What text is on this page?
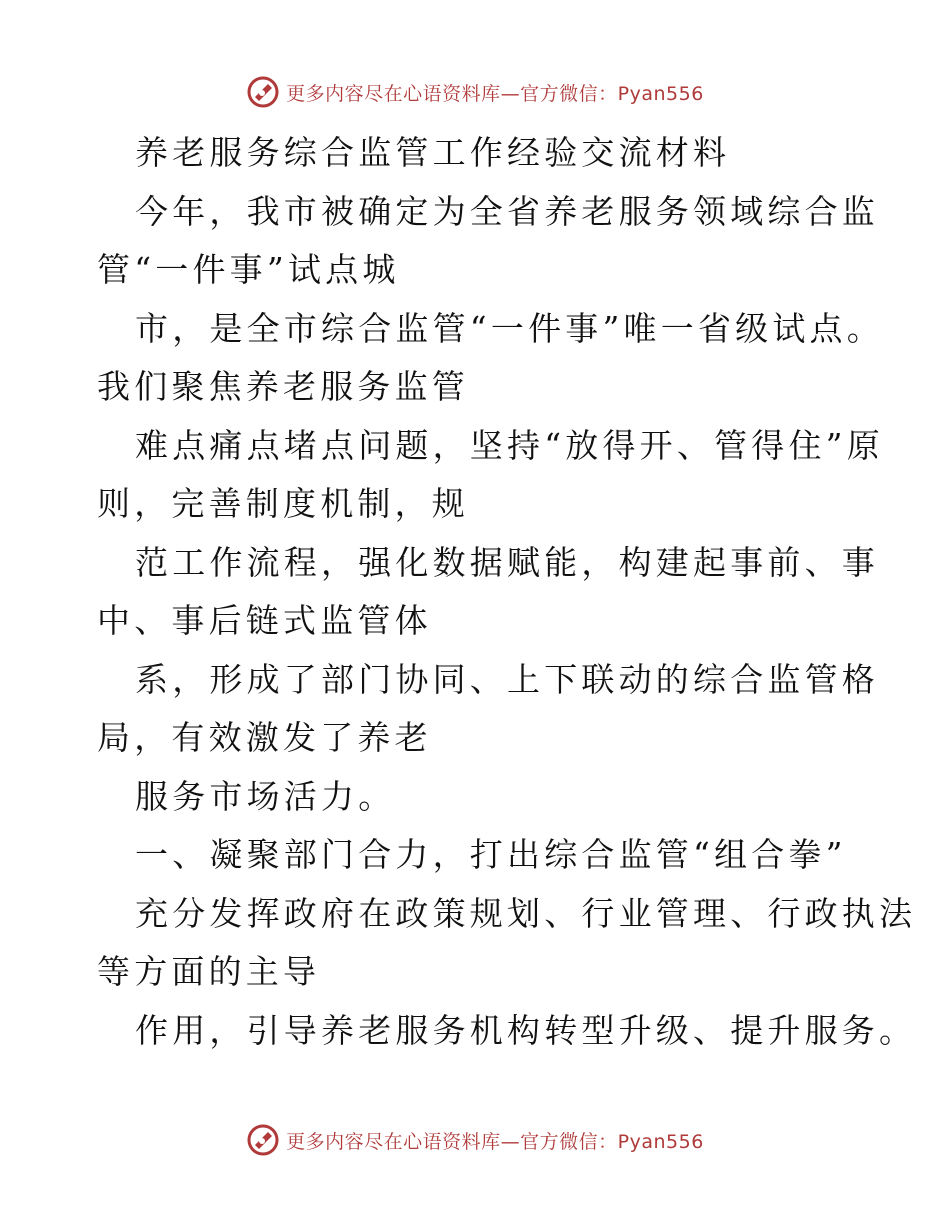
更多内容尽在心语资料库—官方微信：Pyan556
养老服务综合监管工作经验交流材料
今年，我市被确定为全省养老服务领域综合监
管“一件事”试点城
市，是全市综合监管“一件事”唯一省级试点。
我们聚焦养老服务监管
难点痛点堵点问题，坚持“放得开、管得住”原
则，完善制度机制，规
范工作流程，强化数据赋能，构建起事前、事
中、事后链式监管体
系，形成了部门协同、上下联动的综合监管格
局，有效激发了养老
服务市场活力。
一、凝聚部门合力，打出综合监管“组合拳”
充分发挥政府在政策规划、行业管理、行政执法
等方面的主导
作用，引导养老服务机构转型升级、提升服务。
更多内容尽在心语资料库—官方微信：Pyan556
